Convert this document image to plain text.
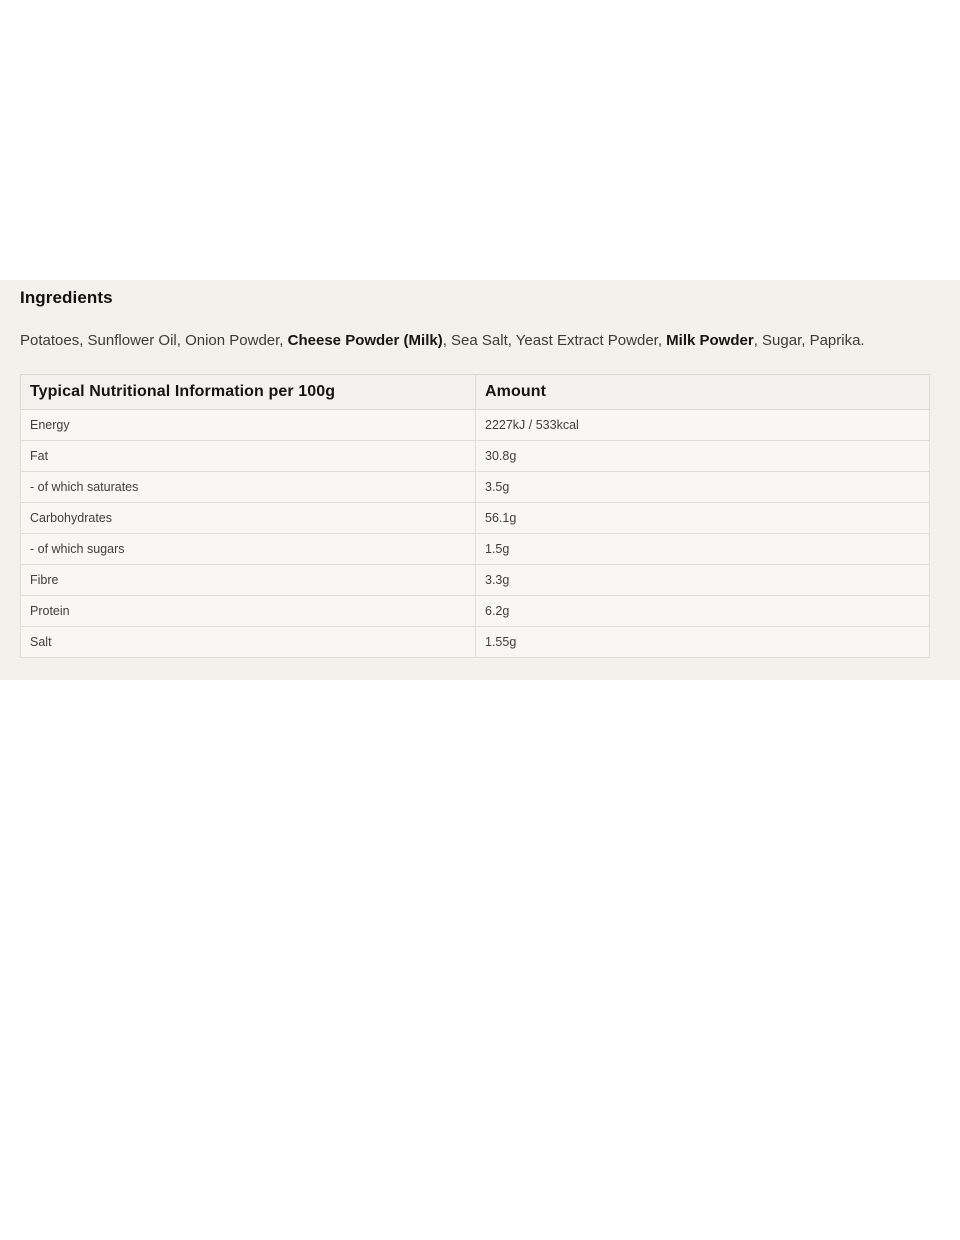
Ingredients

Potatoes, Sunflower Oil, Onion Powder, Cheese Powder (Milk), Sea Salt, Yeast Extract Powder, Milk Powder, Sugar, Paprika.

Typical Nutritional Information per 100g	Amount
Energy	2227kJ / 533kcal
Fat	30.8g
- of which saturates	3.5g
Carbohydrates	56.1g
- of which sugars	1.5g
Fibre	3.3g
Protein	6.2g
Salt	1.55g
